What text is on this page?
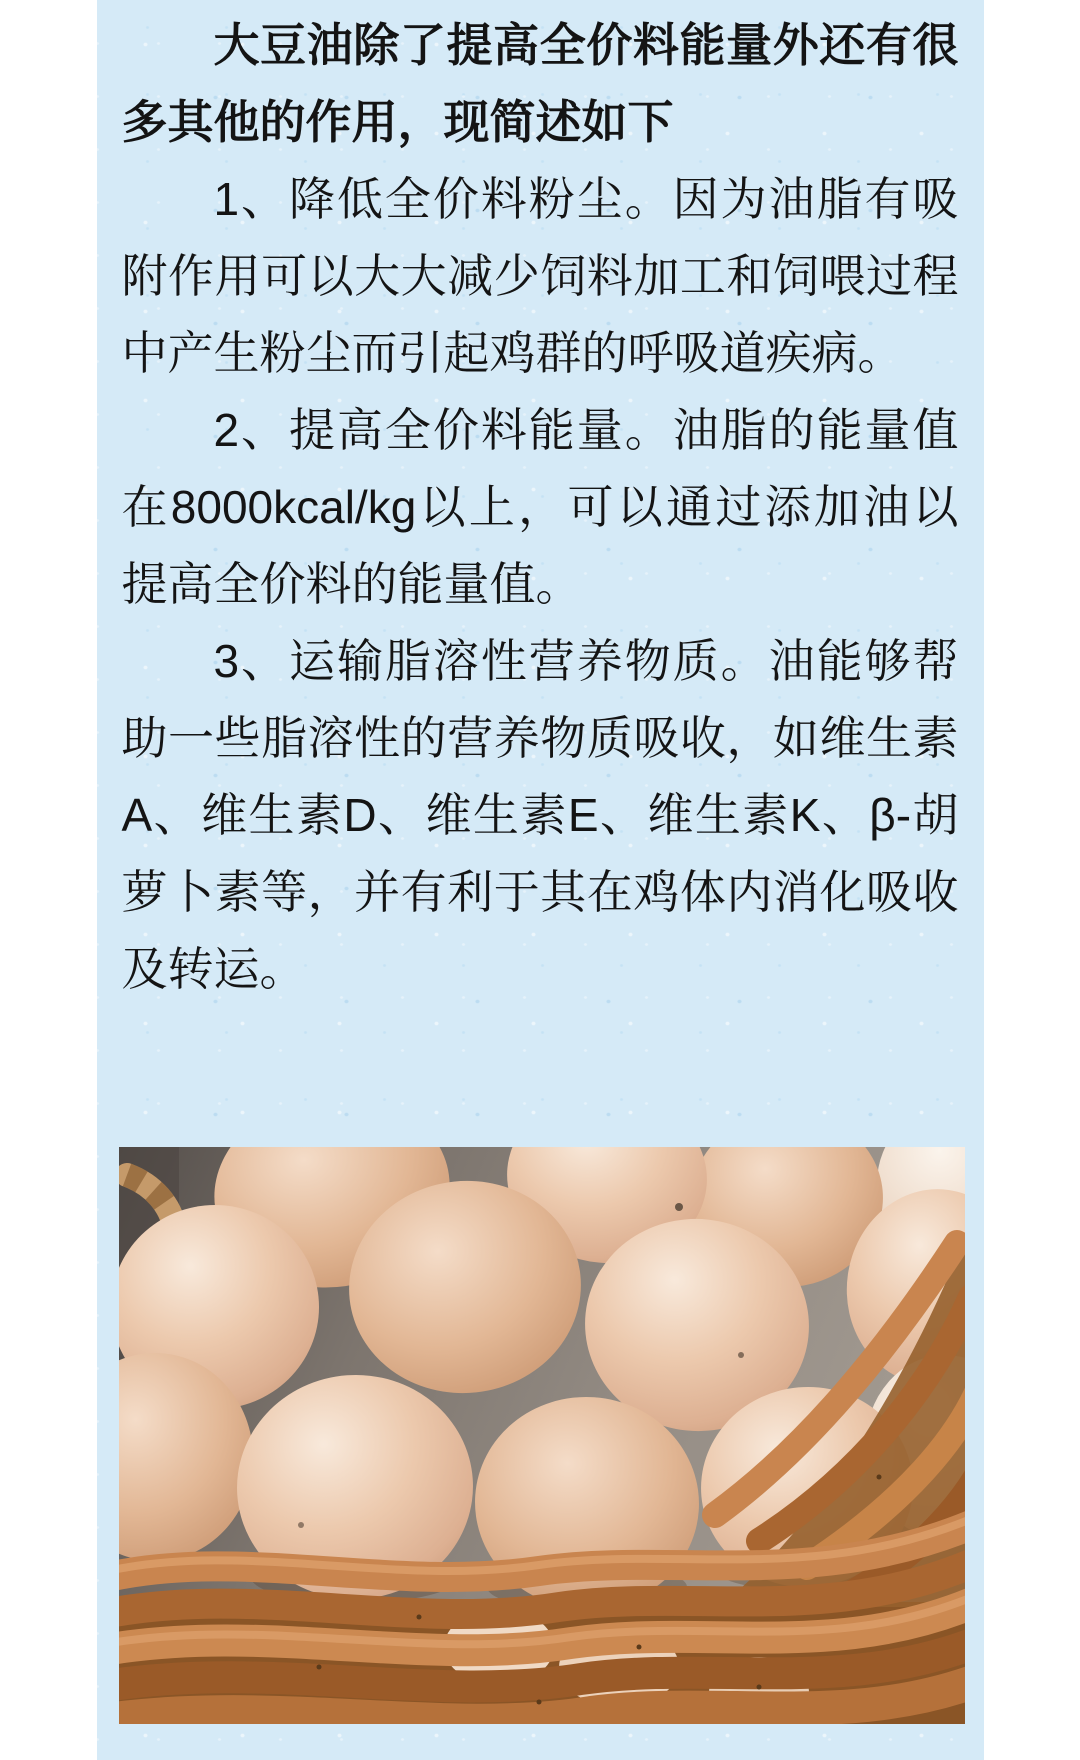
大豆油除了提高全价料能量外还有很
多其他的作用，现简述如下
1、降低全价料粉尘。因为油脂有吸
附作用可以大大减少饲料加工和饲喂过程
中产生粉尘而引起鸡群的呼吸道疾病。
2、提高全价料能量。油脂的能量值
在8000kcal/kg以上，可以通过添加油以
提高全价料的能量值。
3、运输脂溶性营养物质。油能够帮
助一些脂溶性的营养物质吸收，如维生素
A、维生素D、维生素E、维生素K、β-胡
萝卜素等，并有利于其在鸡体内消化吸收
及转运。
